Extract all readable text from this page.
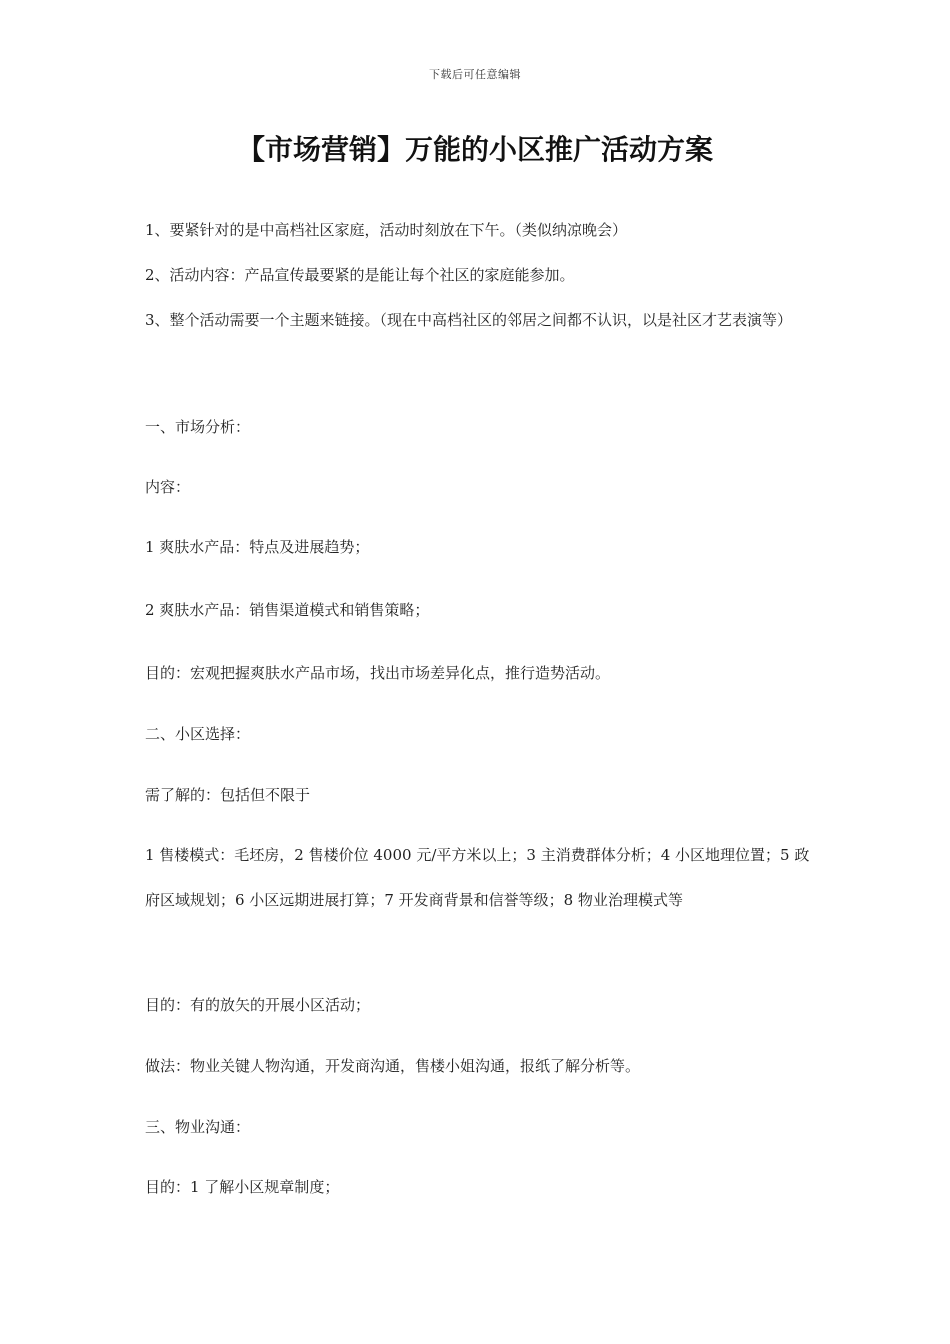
下载后可任意编辑
【市场营销】万能的小区推广活动方案

1、要紧针对的是中高档社区家庭，活动时刻放在下午。（类似纳凉晚会）

2、活动内容：产品宣传最要紧的是能让每个社区的家庭能参加。

3、整个活动需要一个主题来链接。（现在中高档社区的邻居之间都不认识，以是社区才艺表演等）

一、市场分析：

内容：

1 爽肤水产品：特点及进展趋势；

2 爽肤水产品：销售渠道模式和销售策略；

目的：宏观把握爽肤水产品市场，找出市场差异化点，推行造势活动。

二、小区选择：

需了解的：包括但不限于

1 售楼模式：毛坯房，2 售楼价位 4000 元/平方米以上；3 主消费群体分析；4 小区地理位置；5 政府区域规划；6 小区远期进展打算；7 开发商背景和信誉等级；8 物业治理模式等

目的：有的放矢的开展小区活动；

做法：物业关键人物沟通，开发商沟通，售楼小姐沟通，报纸了解分析等。

三、物业沟通：

目的：1 了解小区规章制度；
